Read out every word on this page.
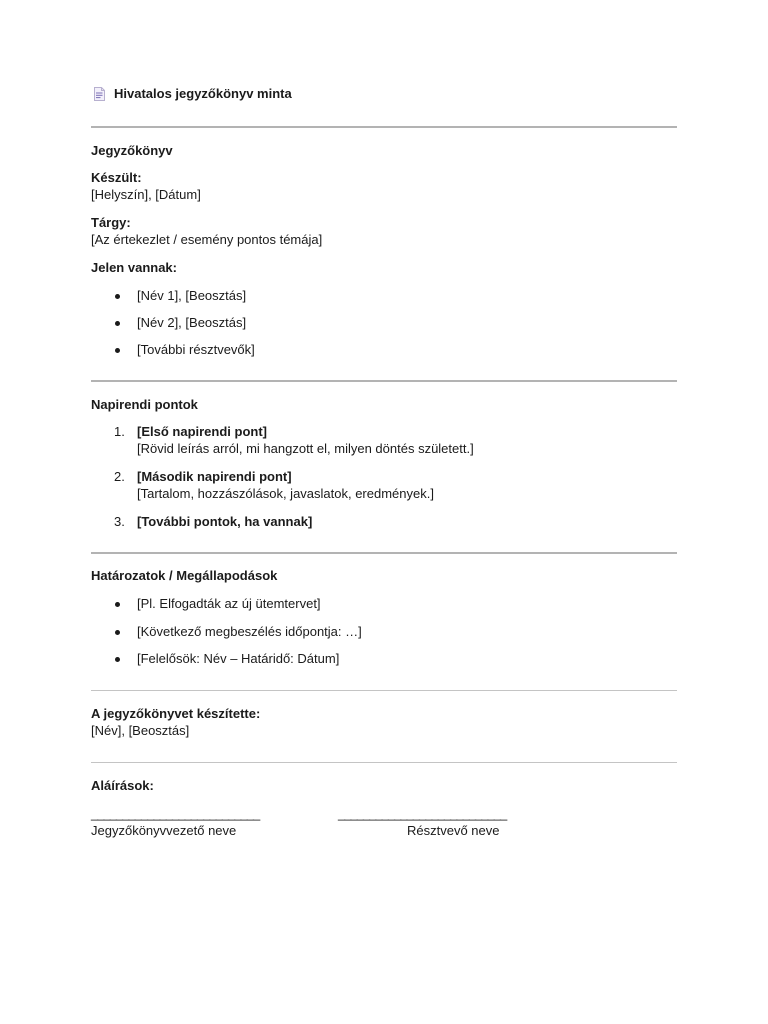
Hivatalos jegyzőkönyv minta
Jegyzőkönyv
Készült:
[Helyszín], [Dátum]
Tárgy:
[Az értekezlet / esemény pontos témája]
Jelen vannak:
[Név 1], [Beosztás]
[Név 2], [Beosztás]
[További résztvevők]
Napirendi pontok
1. [Első napirendi pont]
[Rövid leírás arról, mi hangzott el, milyen döntés született.]
2. [Második napirendi pont]
[Tartalom, hozzászólások, javaslatok, eredmények.]
3. [További pontok, ha vannak]
Határozatok / Megállapodások
[Pl. Elfogadták az új ütemtervet]
[Következő megbeszélés időpontja: …]
[Felelősök: Név – Határidő: Dátum]
A jegyzőkönyvet készítette:
[Név], [Beosztás]
Aláírások:
___________________________	___________________________
Jegyzőkönyvvezető neve	Résztvevő neve
